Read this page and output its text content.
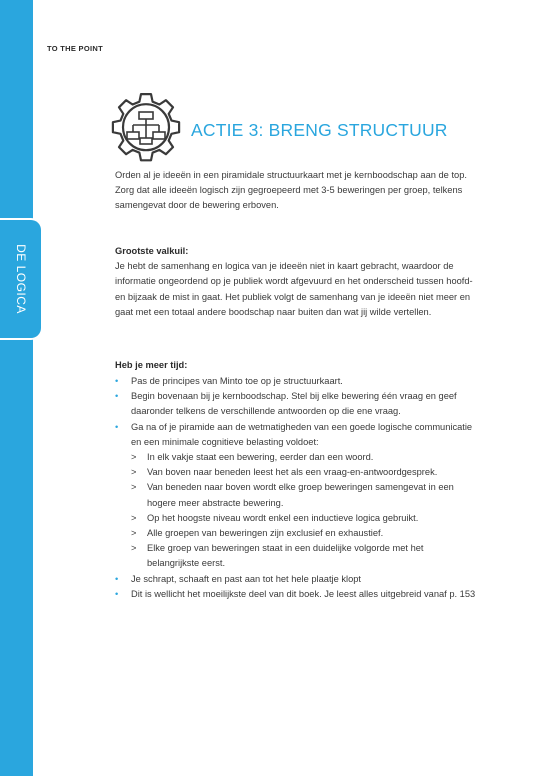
DE LOGICA
TO THE POINT
ACTIE 3: BRENG STRUCTUUR
Orden al je ideeën in een piramidale structuurkaart met je kernboodschap aan de top. Zorg dat alle ideeën logisch zijn gegroepeerd met 3-5 beweringen per groep, telkens samengevat door de bewering erboven.
Grootste valkuil:
Je hebt de samenhang en logica van je ideeën niet in kaart gebracht, waardoor de informatie ongeordend op je publiek wordt afgevuurd en het onderscheid tussen hoofd- en bijzaak de mist in gaat. Het publiek volgt de samenhang van je ideeën niet meer en gaat met een totaal andere boodschap naar buiten dan wat jij wilde vertellen.
Heb je meer tijd:
• Pas de principes van Minto toe op je structuurkaart.
• Begin bovenaan bij je kernboodschap. Stel bij elke bewering één vraag en geef daaronder telkens de verschillende antwoorden op die ene vraag.
• Ga na of je piramide aan de wetmatigheden van een goede logische communicatie en een minimale cognitieve belasting voldoet:
> In elk vakje staat een bewering, eerder dan een woord.
> Van boven naar beneden leest het als een vraag-en-antwoordgesprek.
> Van beneden naar boven wordt elke groep beweringen samengevat in een hogere meer abstracte bewering.
> Op het hoogste niveau wordt enkel een inductieve logica gebruikt.
> Alle groepen van beweringen zijn exclusief en exhaustief.
> Elke groep van beweringen staat in een duidelijke volgorde met het belangrijkste eerst.
• Je schrapt, schaaft en past aan tot het hele plaatje klopt
• Dit is wellicht het moeilijkste deel van dit boek. Je leest alles uitgebreid vanaf p. 153
24
